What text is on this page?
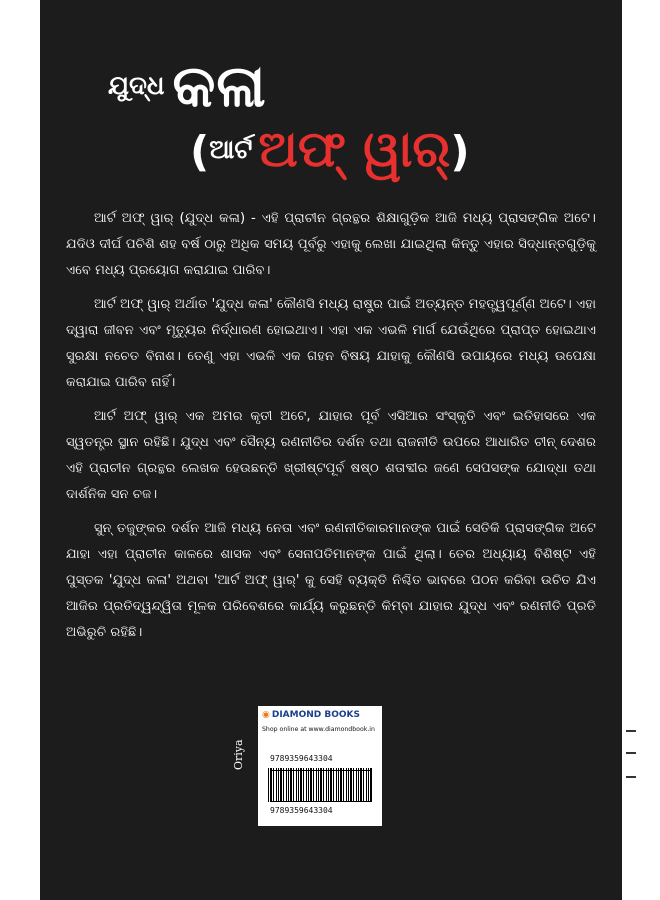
ଯୁଦ୍ଧ କଳା
(ଆର୍ଟ ଅଫ୍ ୱାର୍)

ଆର୍ଟ ଅଫ୍ ୱାର୍ (ଯୁଦ୍ଧ କଳା) - ଏହି ପ୍ରାଚୀନ ଗ୍ରନ୍ଥର ଶିକ୍ଷାଗୁଡ଼ିକ ଆଜି ମଧ୍ୟ ପ୍ରାସଙ୍ଗିକ ଅଟେ। ଯଦିଓ ଦୀର୍ଘ ପଚିଶି ଶହ ବର୍ଷ ଠାରୁ ଅଧିକ ସମୟ ପୂର୍ବରୁ ଏହାକୁ ଲେଖା ଯାଇଥିଲା କିନ୍ତୁ ଏହାର ସିଦ୍ଧାନ୍ତଗୁଡ଼ିକୁ ଏବେ ମଧ୍ୟ ପ୍ରୟୋଗ କରାଯାଇ ପାରିବ।

ଆର୍ଟ ଅଫ୍ ୱାର୍ ଅର୍ଥାତ 'ଯୁଦ୍ଧ କଳା' କୌଣସି ମଧ୍ୟ ରାଷ୍ଟ୍ର ପାଇଁ ଅତ୍ୟନ୍ତ ମହତ୍ତ୍ୱପୂର୍ଣ୍ଣ ଅଟେ। ଏହା ଦ୍ୱାରା ଜୀବନ ଏବଂ ମୃତ୍ୟୁର ନିର୍ଦ୍ଧାରଣ ହୋଇଥାଏ। ଏହା ଏକ ଏଭଳି ମାର୍ଗ ଯେଉଁଥିରେ ପ୍ରାପ୍ତ ହୋଇଥାଏ ସୁରକ୍ଷା ନଚେତ ବିନାଶ। ତେଣୁ ଏହା ଏଭଳି ଏକ ଗହନ ବିଷୟ ଯାହାକୁ କୌଣସି ଉପାୟରେ ମଧ୍ୟ ଉପେକ୍ଷା କରାଯାଇ ପାରିବ ନାହିଁ।

ଆର୍ଟ ଅଫ୍ ୱାର୍ ଏକ ଅମର କୃତୀ ଅଟେ, ଯାହାର ପୂର୍ବ ଏସିଆର ସଂସ୍କୃତି ଏବଂ ଇତିହାସରେ ଏକ ସ୍ୱତନ୍ତ୍ର ସ୍ଥାନ ରହିଛି। ଯୁଦ୍ଧ ଏବଂ ସୈନ୍ୟ ରଣନୀତିର ଦର୍ଶନ ତଥା ରାଜନୀତି ଉପରେ ଆଧାରିତ ଚୀନ୍ ଦେଶର ଏହି ପ୍ରାଚୀନ ଗ୍ରନ୍ଥର ଲେଖକ ହେଉଛନ୍ତି ଖ୍ରୀଷ୍ଟପୂର୍ବ ଷଷ୍ଠ ଶତାବ୍ଦୀର ଜଣେ ସେପସଙ୍କ ଯୋଦ୍ଧା ତଥା ଦାର୍ଶନିକ ସନ ଚଜ।

ସୁନ୍ ତଜୁଙ୍କର ଦର୍ଶନ ଆଜି ମଧ୍ୟ ନେତା ଏବଂ ରଣନୀତିକାରମାନଙ୍କ ପାଇଁ ସେତିକି ପ୍ରାସଙ୍ଗିକ ଅଟେ ଯାହା ଏହା ପ୍ରାଚୀନ କାଳରେ ଶାସକ ଏବଂ ସେନାପତିମାନଙ୍କ ପାଇଁ ଥିଲା। ତେର ଅଧ୍ୟାୟ ବିଶିଷ୍ଟ ଏହି ପୁସ୍ତକ 'ଯୁଦ୍ଧ କଳା' ଅଥବା 'ଆର୍ଟ ଅଫ୍ ୱାର୍' କୁ ସେହି ବ୍ୟକ୍ତି ନିଶ୍ଚିତ ଭାବରେ ପଠନ କରିବା ଉଚିତ ଯିଏ ଆଜିର ପ୍ରତିଦ୍ୱନ୍ଦ୍ୱିତା ମୂଳକ ପରିବେଶରେ କାର୍ଯ୍ୟ କରୁଛନ୍ତି କିମ୍ବା ଯାହାର ଯୁଦ୍ଧ ଏବଂ ରଣନୀତି ପ୍ରତି ଅଭିରୁଚି ରହିଛି।

Oriya
◉ DIAMOND BOOKS
Shop online at www.diamondbook.in
9789359643304
9789359643304
